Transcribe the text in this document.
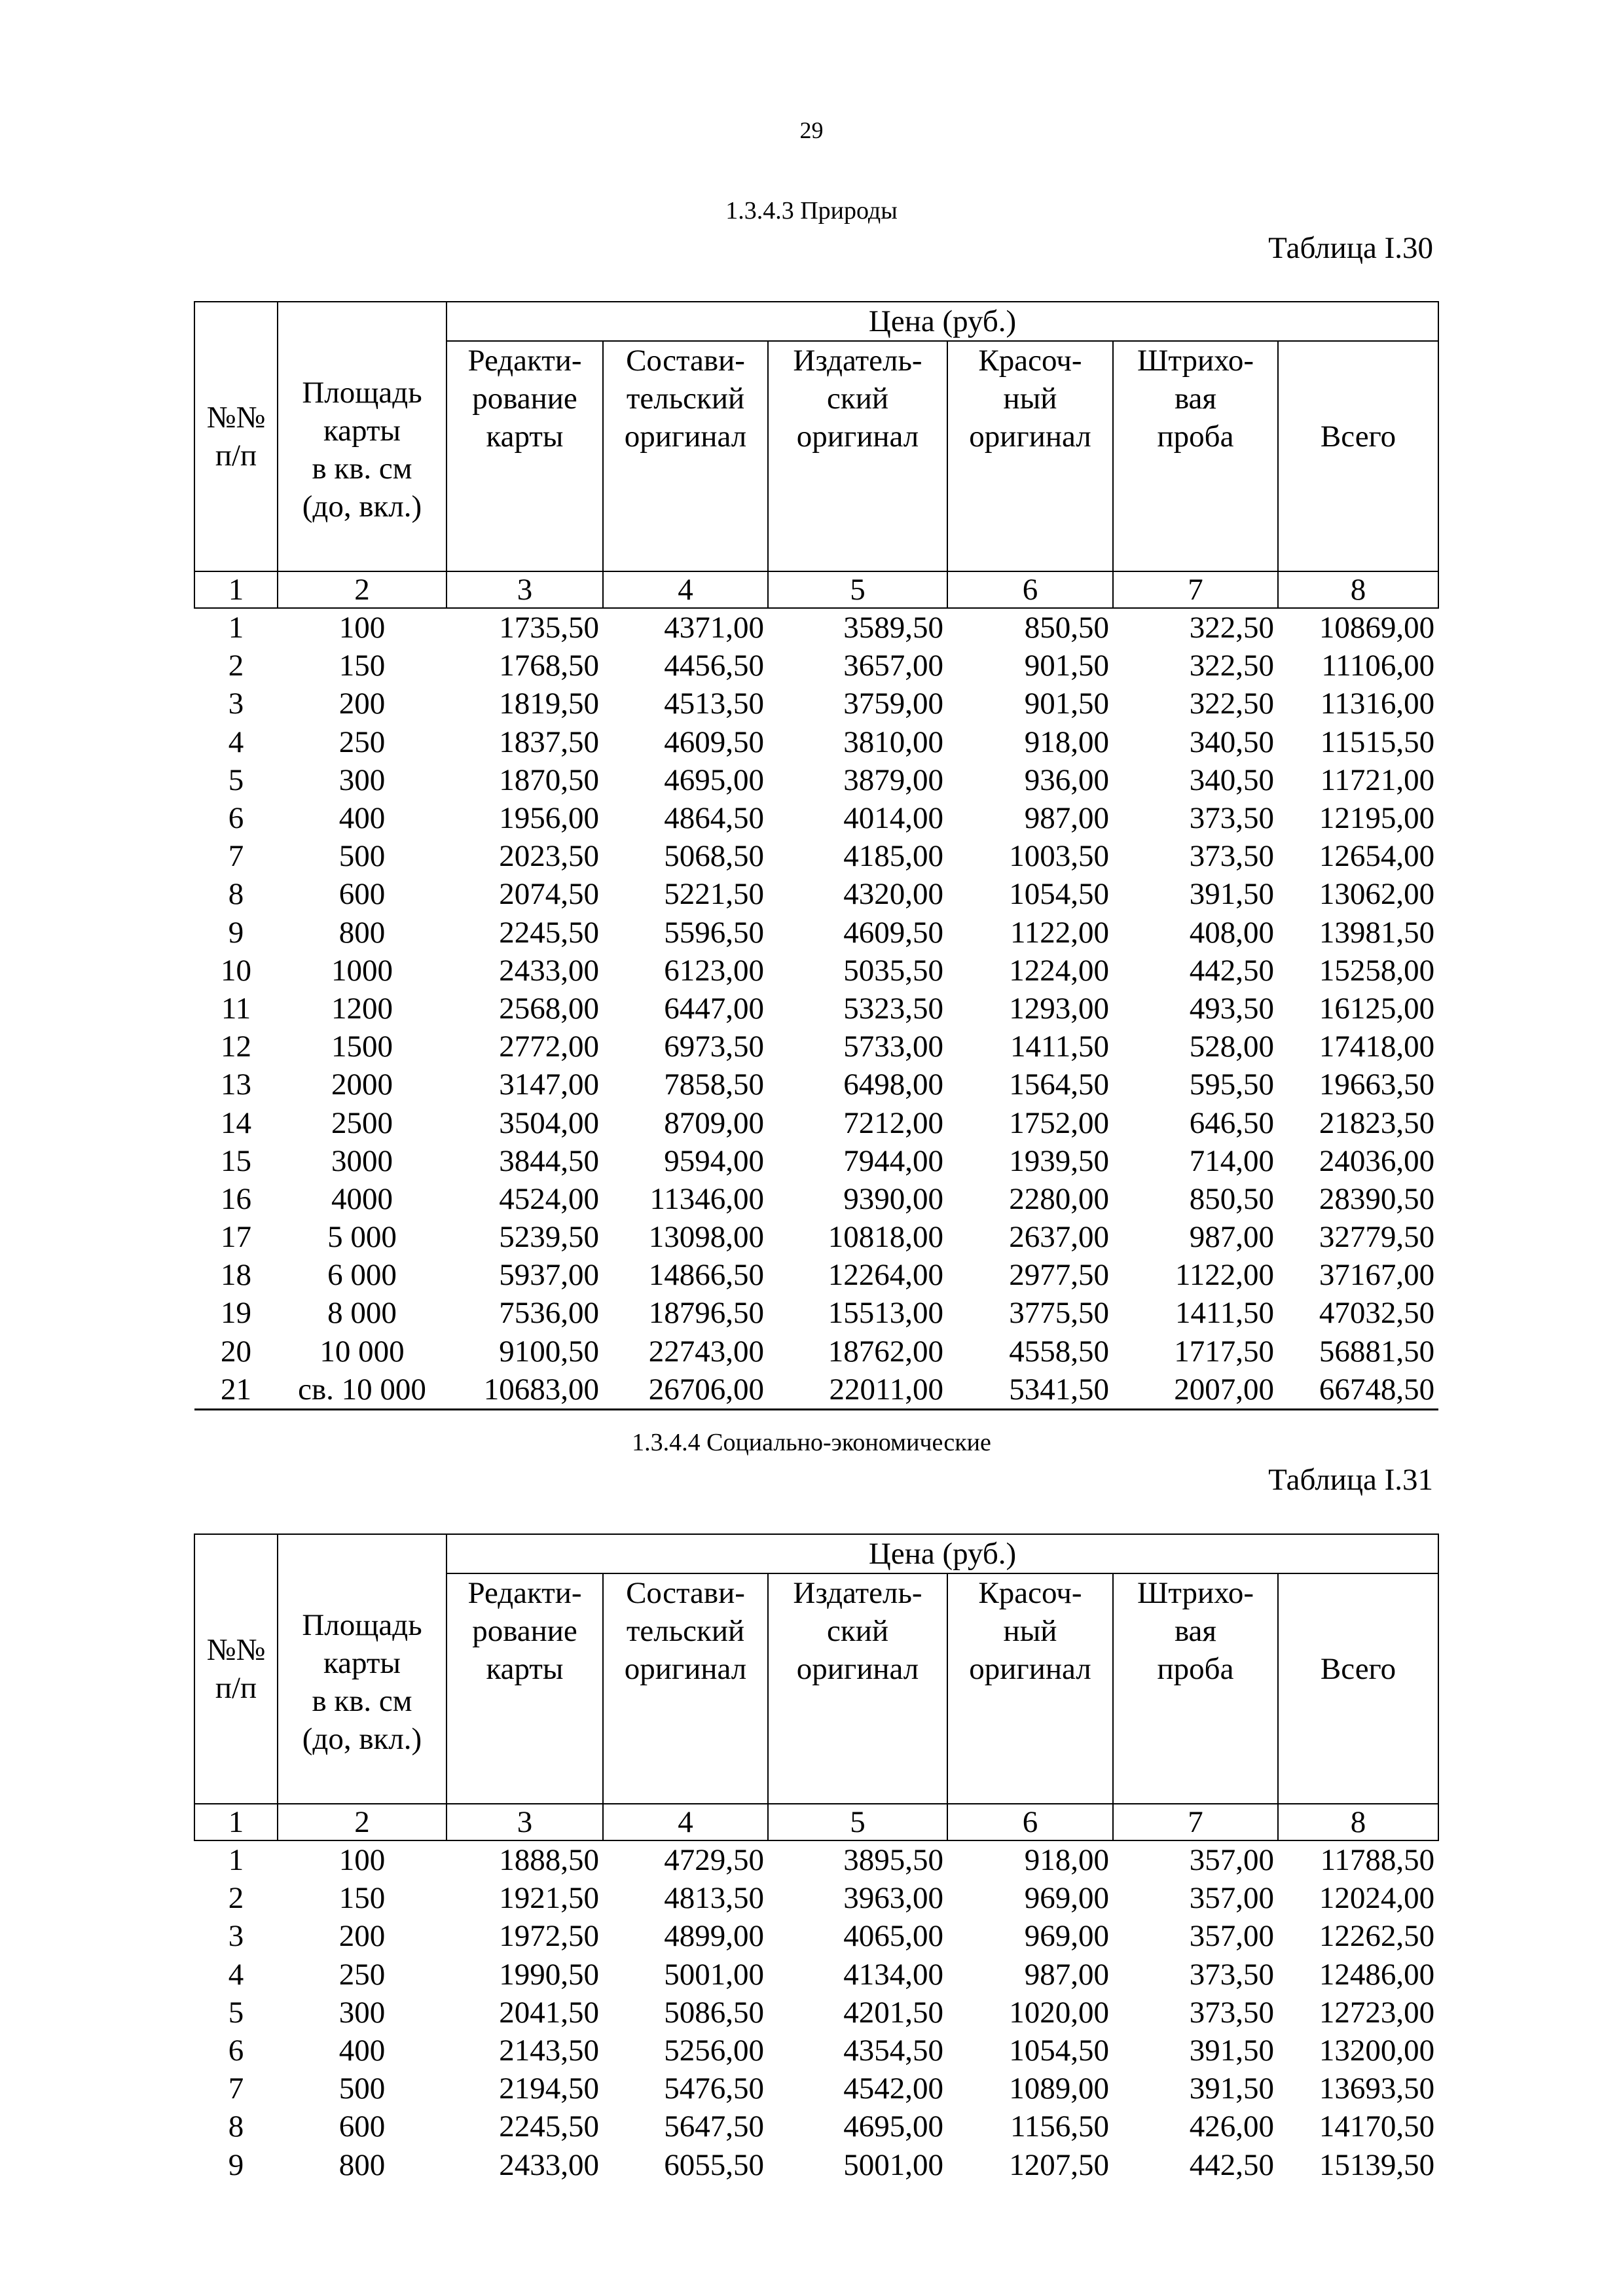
29
1.3.4.3 Природы
Таблица I.30
№№
п/п	Площадь
карты
в кв. см
(до, вкл.)	Цена (руб.)					
		Редакти-
рование
карты	Состави-
тельский
оригинал	Издатель-
ский
оригинал	Красоч-
ный
оригинал	Штрихо-
вая
проба	Всего
1	2	3	4	5	6	7	8
1	100	1735,50	4371,00	3589,50	850,50	322,50	10869,00
2	150	1768,50	4456,50	3657,00	901,50	322,50	11106,00
3	200	1819,50	4513,50	3759,00	901,50	322,50	11316,00
4	250	1837,50	4609,50	3810,00	918,00	340,50	11515,50
5	300	1870,50	4695,00	3879,00	936,00	340,50	11721,00
6	400	1956,00	4864,50	4014,00	987,00	373,50	12195,00
7	500	2023,50	5068,50	4185,00	1003,50	373,50	12654,00
8	600	2074,50	5221,50	4320,00	1054,50	391,50	13062,00
9	800	2245,50	5596,50	4609,50	1122,00	408,00	13981,50
10	1000	2433,00	6123,00	5035,50	1224,00	442,50	15258,00
11	1200	2568,00	6447,00	5323,50	1293,00	493,50	16125,00
12	1500	2772,00	6973,50	5733,00	1411,50	528,00	17418,00
13	2000	3147,00	7858,50	6498,00	1564,50	595,50	19663,50
14	2500	3504,00	8709,00	7212,00	1752,00	646,50	21823,50
15	3000	3844,50	9594,00	7944,00	1939,50	714,00	24036,00
16	4000	4524,00	11346,00	9390,00	2280,00	850,50	28390,50
17	5 000	5239,50	13098,00	10818,00	2637,00	987,00	32779,50
18	6 000	5937,00	14866,50	12264,00	2977,50	1122,00	37167,00
19	8 000	7536,00	18796,50	15513,00	3775,50	1411,50	47032,50
20	10 000	9100,50	22743,00	18762,00	4558,50	1717,50	56881,50
21	св. 10 000	10683,00	26706,00	22011,00	5341,50	2007,00	66748,50
1.3.4.4 Социально-экономические
Таблица I.31
№№
п/п	Площадь
карты
в кв. см
(до, вкл.)	Цена (руб.)					
		Редакти-
рование
карты	Состави-
тельский
оригинал	Издатель-
ский
оригинал	Красоч-
ный
оригинал	Штрихо-
вая
проба	Всего
1	2	3	4	5	6	7	8
1	100	1888,50	4729,50	3895,50	918,00	357,00	11788,50
2	150	1921,50	4813,50	3963,00	969,00	357,00	12024,00
3	200	1972,50	4899,00	4065,00	969,00	357,00	12262,50
4	250	1990,50	5001,00	4134,00	987,00	373,50	12486,00
5	300	2041,50	5086,50	4201,50	1020,00	373,50	12723,00
6	400	2143,50	5256,00	4354,50	1054,50	391,50	13200,00
7	500	2194,50	5476,50	4542,00	1089,00	391,50	13693,50
8	600	2245,50	5647,50	4695,00	1156,50	426,00	14170,50
9	800	2433,00	6055,50	5001,00	1207,50	442,50	15139,50
